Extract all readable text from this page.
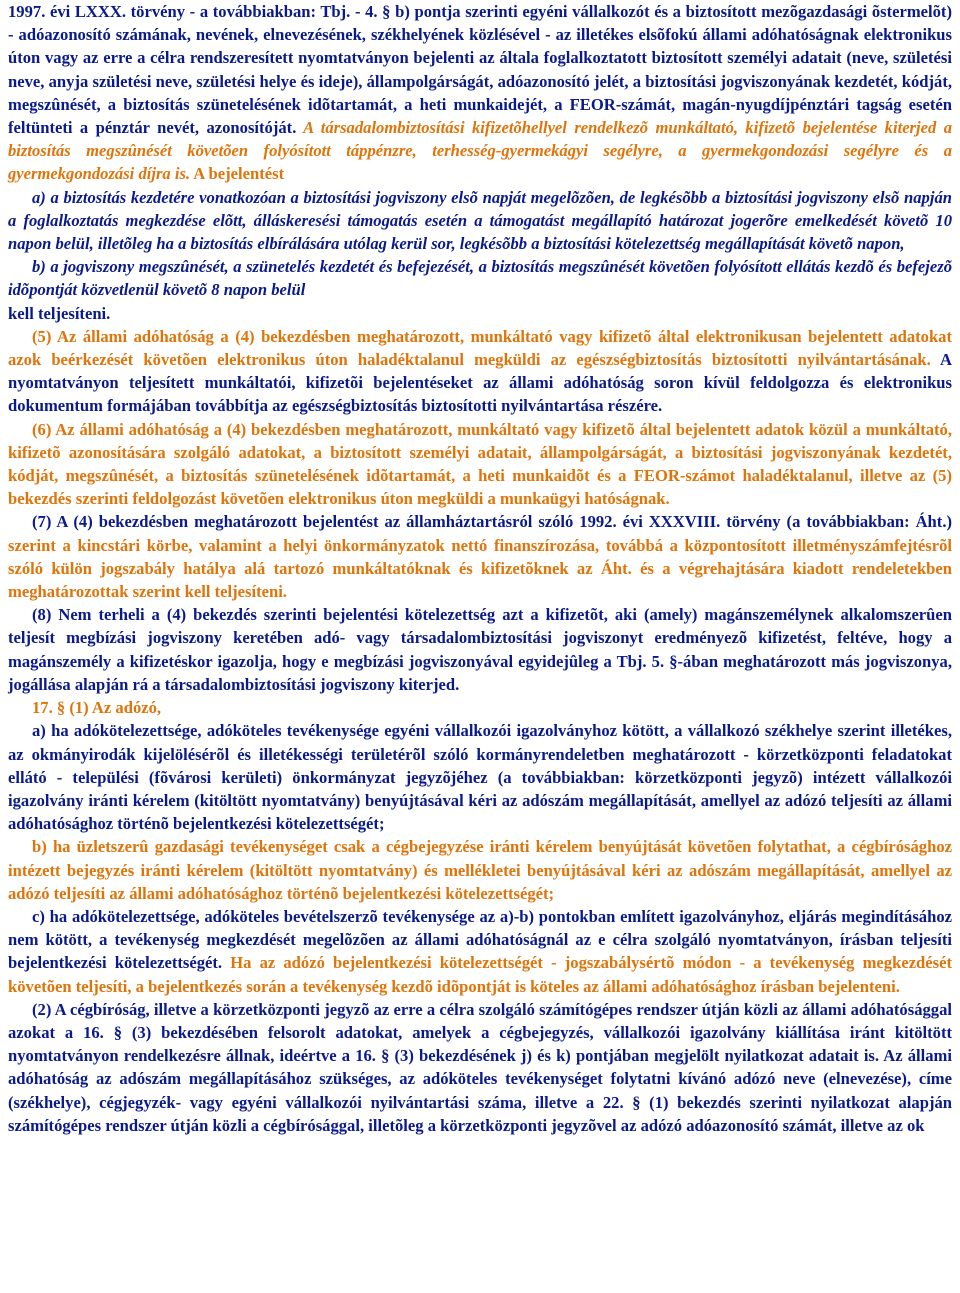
1997. évi LXXX. törvény - a továbbiakban: Tbj. - 4. § b) pontja szerinti egyéni vállalkozót és a biztosított mezõgazdasági õstermelõt) - adóazonosító számának, nevének, elnevezésének, székhelyének közlésével - az illetékes elsõfokú állami adóhatóságnak elektronikus úton vagy az erre a célra rendszeresített nyomtatványon bejelenti az általa foglalkoztatott biztosított személyi adatait (neve, születési neve, anyja születési neve, születési helye és ideje), állampolgárságát, adóazonosító jelét, a biztosítási jogviszonyának kezdetét, kódját, megszûnését, a biztosítás szünetelésének idõtartamát, a heti munkaidejét, a FEOR-számát, magán-nyugdíjpénztári tagság esetén feltünteti a pénztár nevét, azonosítóját. A társadalombiztosítási kifizetõhellyel rendelkezõ munkáltató, kifizetõ bejelentése kiterjed a biztosítás megszûnését követõen folyósított táppénzre, terhesség-gyermekágyi segélyre, a gyermekgondozási segélyre és a gyermekgondozási díjra is. A bejelentést

a) a biztosítás kezdetére vonatkozóan a biztosítási jogviszony elsõ napját megelõzõen, de legkésõbb a biztosítási jogviszony elsõ napján a foglalkoztatás megkezdése elõtt, álláskeresési támogatás esetén a támogatást megállapító határozat jogerõre emelkedését követõ 10 napon belül, illetõleg ha a biztosítás elbírálására utólag kerül sor, legkésõbb a biztosítási kötelezettség megállapítását követõ napon,

b) a jogviszony megszûnését, a szünetelés kezdetét és befejezését, a biztosítás megszûnését követõen folyósított ellátás kezdõ és befejezõ idõpontját közvetlenül követõ 8 napon belül

kell teljesíteni.

(5) Az állami adóhatóság a (4) bekezdésben meghatározott, munkáltató vagy kifizetõ által elektronikusan bejelentett adatokat azok beérkezését követõen elektronikus úton haladéktalanul megküldi az egészségbiztosítás biztosítotti nyilvántartásának. A nyomtatványon teljesített munkáltatói, kifizetõi bejelentéseket az állami adóhatóság soron kívül feldolgozza és elektronikus dokumentum formájában továbbítja az egészségbiztosítás biztosítotti nyilvántartása részére.

(6) Az állami adóhatóság a (4) bekezdésben meghatározott, munkáltató vagy kifizetõ által bejelentett adatok közül a munkáltató, kifizetõ azonosítására szolgáló adatokat, a biztosított személyi adatait, állampolgárságát, a biztosítási jogviszonyának kezdetét, kódját, megszûnését, a biztosítás szünetelésének idõtartamát, a heti munkaidõt és a FEOR-számot haladéktalanul, illetve az (5) bekezdés szerinti feldolgozást követõen elektronikus úton megküldi a munkaügyi hatóságnak.

(7) A (4) bekezdésben meghatározott bejelentést az államháztartásról szóló 1992. évi XXXVIII. törvény (a továbbiakban: Áht.) szerint a kincstári körbe, valamint a helyi önkormányzatok nettó finanszírozása, továbbá a központosított illetményszámfejtésrõl szóló külön jogszabály hatálya alá tartozó munkáltatóknak és kifizetõknek az Áht. és a végrehajtására kiadott rendeletekben meghatározottak szerint kell teljesíteni.

(8) Nem terheli a (4) bekezdés szerinti bejelentési kötelezettség azt a kifizetõt, aki (amely) magánszemélynek alkalomszerûen teljesít megbízási jogviszony keretében adó- vagy társadalombiztosítási jogviszonyt eredményezõ kifizetést, feltéve, hogy a magánszemély a kifizetéskor igazolja, hogy e megbízási jogviszonyával egyidejûleg a Tbj. 5. §-ában meghatározott más jogviszonya, jogállása alapján rá a társadalombiztosítási jogviszony kiterjed.

17. § (1) Az adózó,

a) ha adókötelezettsége, adóköteles tevékenysége egyéni vállalkozói igazolványhoz kötött, a vállalkozó székhelye szerint illetékes, az okmányirodák kijelölésérõl és illetékességi területérõl szóló kormányrendeletben meghatározott - körzetközponti feladatokat ellátó - települési (fõvárosi kerületi) önkormányzat jegyzõjéhez (a továbbiakban: körzetközponti jegyzõ) intézett vállalkozói igazolvány iránti kérelem (kitöltött nyomtatvány) benyújtásával kéri az adószám megállapítását, amellyel az adózó teljesíti az állami adóhatósághoz történõ bejelentkezési kötelezettségét;

b) ha üzletszerû gazdasági tevékenységet csak a cégbejegyzése iránti kérelem benyújtását követõen folytathat, a cégbírósághoz intézett bejegyzés iránti kérelem (kitöltött nyomtatvány) és mellékletei benyújtásával kéri az adószám megállapítását, amellyel az adózó teljesíti az állami adóhatósághoz történõ bejelentkezési kötelezettségét;

c) ha adókötelezettsége, adóköteles bevételszerzõ tevékenysége az a)-b) pontokban említett igazolványhoz, eljárás megindításához nem kötött, a tevékenység megkezdését megelõzõen az állami adóhatóságnál az e célra szolgáló nyomtatványon, írásban teljesíti bejelentkezési kötelezettségét. Ha az adózó bejelentkezési kötelezettségét - jogszabálysértõ módon - a tevékenység megkezdését követõen teljesíti, a bejelentkezés során a tevékenység kezdõ idõpontját is köteles az állami adóhatósághoz írásban bejelenteni.

(2) A cégbíróság, illetve a körzetközponti jegyzõ az erre a célra szolgáló számítógépes rendszer útján közli az állami adóhatósággal azokat a 16. § (3) bekezdésében felsorolt adatokat, amelyek a cégbejegyzés, vállalkozói igazolvány kiállítása iránt kitöltött nyomtatványon rendelkezésre állnak, ideértve a 16. § (3) bekezdésének j) és k) pontjában megjelölt nyilatkozat adatait is. Az állami adóhatóság az adószám megállapításához szükséges, az adóköteles tevékenységet folytatni kívánó adózó neve (elnevezése), címe (székhelye), cégjegyzék- vagy egyéni vállalkozói nyilvántartási száma, illetve a 22. § (1) bekezdés szerinti nyilatkozat alapján számítógépes rendszer útján közli a cégbírósággal, illetõleg a körzetközponti jegyzõvel az adózó adóazonosító számát, illetve az ok
